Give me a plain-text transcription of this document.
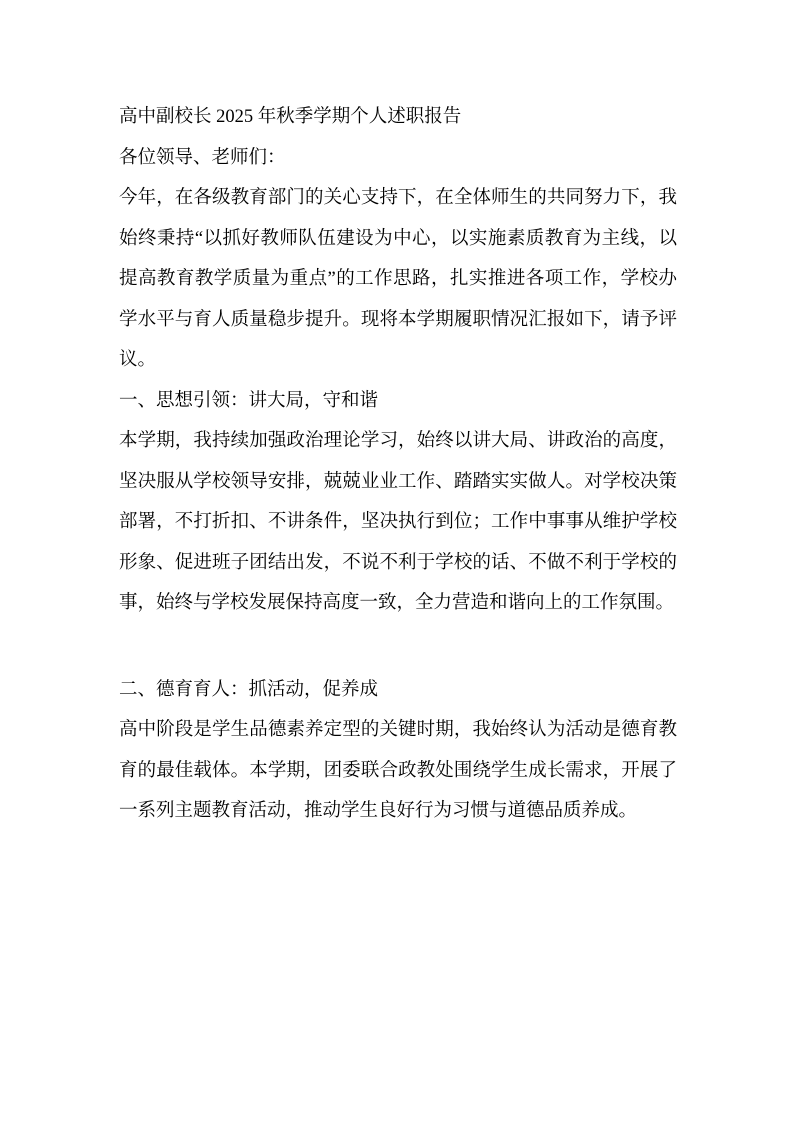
高中副校长 2025 年秋季学期个人述职报告

各位领导、老师们：

今年，在各级教育部门的关心支持下，在全体师生的共同努力下，我始终秉持“以抓好教师队伍建设为中心，以实施素质教育为主线，以提高教育教学质量为重点”的工作思路，扎实推进各项工作，学校办学水平与育人质量稳步提升。现将本学期履职情况汇报如下，请予评议。

一、思想引领：讲大局，守和谐

本学期，我持续加强政治理论学习，始终以讲大局、讲政治的高度，坚决服从学校领导安排，兢兢业业工作、踏踏实实做人。对学校决策部署，不打折扣、不讲条件，坚决执行到位；工作中事事从维护学校形象、促进班子团结出发，不说不利于学校的话、不做不利于学校的事，始终与学校发展保持高度一致，全力营造和谐向上的工作氛围。

二、德育育人：抓活动，促养成

高中阶段是学生品德素养定型的关键时期，我始终认为活动是德育教育的最佳载体。本学期，团委联合政教处围绕学生成长需求，开展了一系列主题教育活动，推动学生良好行为习惯与道德品质养成。
